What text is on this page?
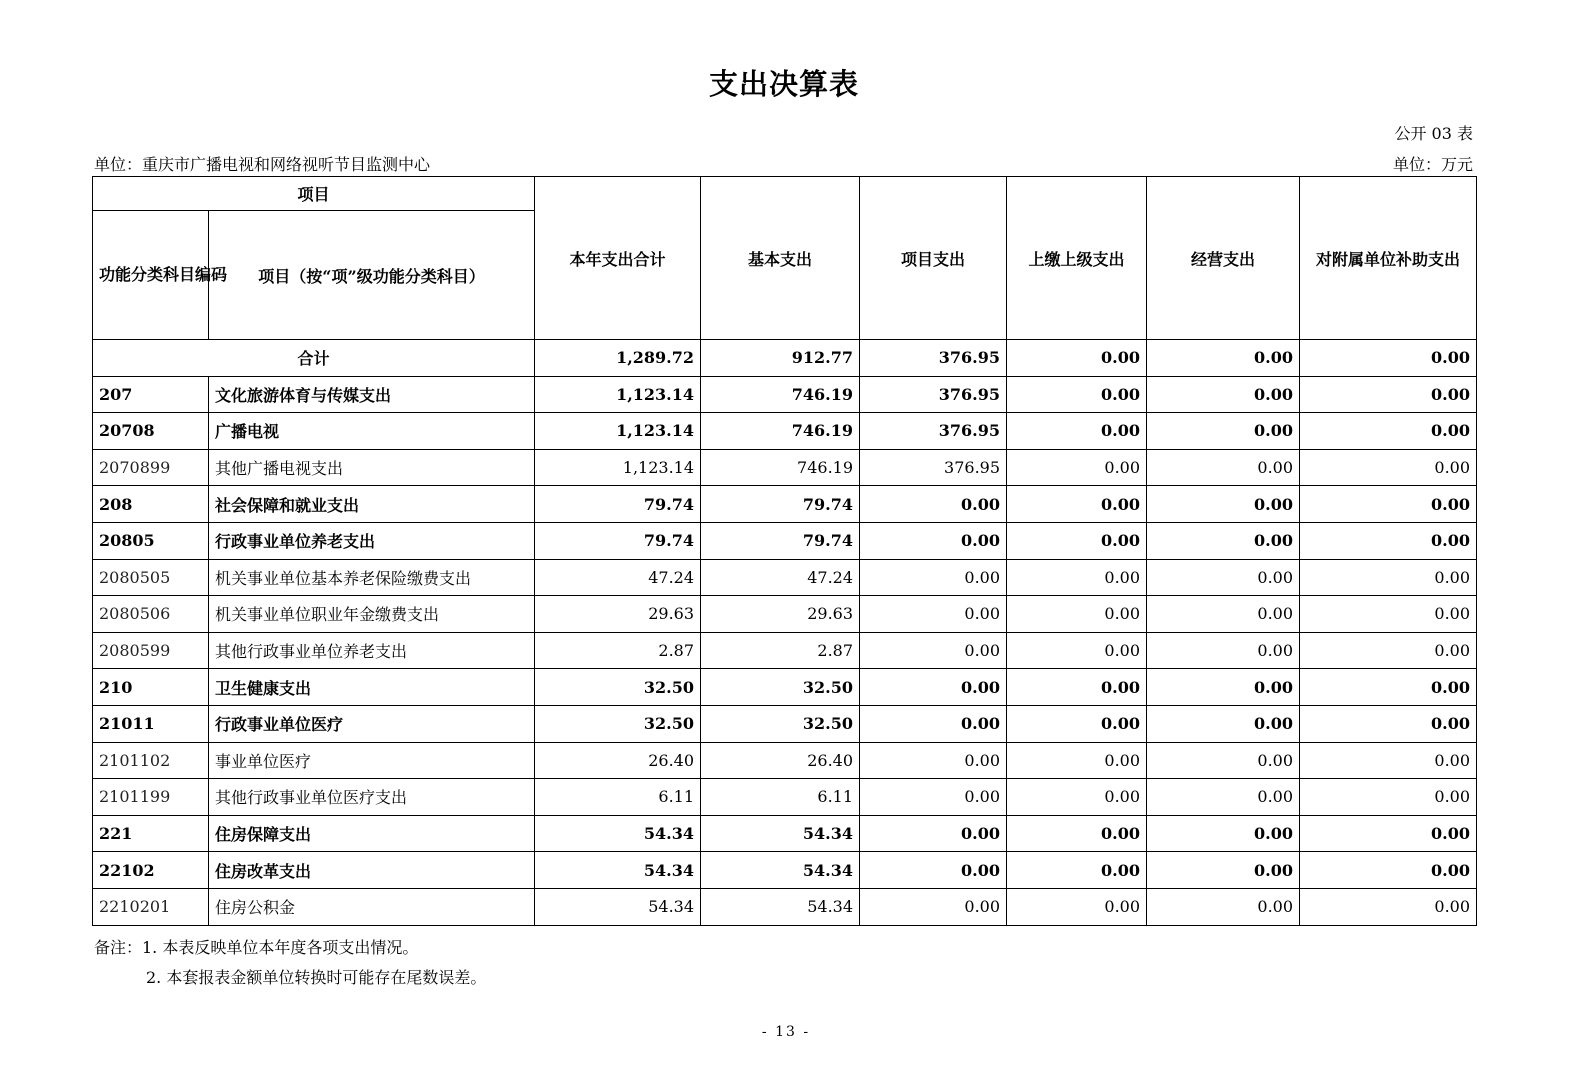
支出决算表
公开 03 表
单位：重庆市广播电视和网络视听节目监测中心	单位：万元
项目		本年支出合计	基本支出	项目支出	上缴上级支出	经营支出	对附属单位补助支出
功能分类科目编码	项目（按“项”级功能分类科目）						
合计		1,289.72	912.77	376.95	0.00	0.00	0.00
207	文化旅游体育与传媒支出	1,123.14	746.19	376.95	0.00	0.00	0.00
20708	广播电视	1,123.14	746.19	376.95	0.00	0.00	0.00
2070899	其他广播电视支出	1,123.14	746.19	376.95	0.00	0.00	0.00
208	社会保障和就业支出	79.74	79.74	0.00	0.00	0.00	0.00
20805	行政事业单位养老支出	79.74	79.74	0.00	0.00	0.00	0.00
2080505	机关事业单位基本养老保险缴费支出	47.24	47.24	0.00	0.00	0.00	0.00
2080506	机关事业单位职业年金缴费支出	29.63	29.63	0.00	0.00	0.00	0.00
2080599	其他行政事业单位养老支出	2.87	2.87	0.00	0.00	0.00	0.00
210	卫生健康支出	32.50	32.50	0.00	0.00	0.00	0.00
21011	行政事业单位医疗	32.50	32.50	0.00	0.00	0.00	0.00
2101102	事业单位医疗	26.40	26.40	0.00	0.00	0.00	0.00
2101199	其他行政事业单位医疗支出	6.11	6.11	0.00	0.00	0.00	0.00
221	住房保障支出	54.34	54.34	0.00	0.00	0.00	0.00
22102	住房改革支出	54.34	54.34	0.00	0.00	0.00	0.00
2210201	住房公积金	54.34	54.34	0.00	0.00	0.00	0.00
备注：1. 本表反映单位本年度各项支出情况。
2. 本套报表金额单位转换时可能存在尾数误差。
- 13 -
